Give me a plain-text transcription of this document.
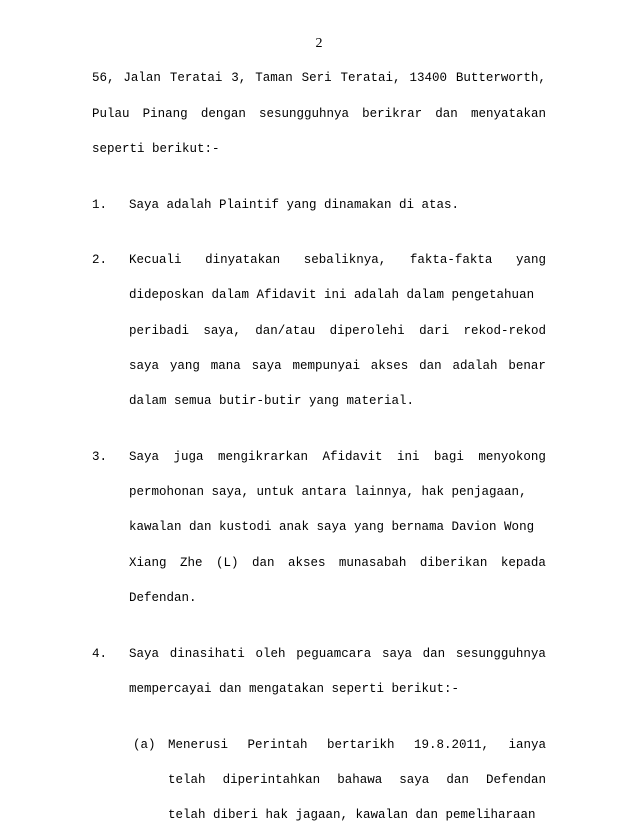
2
56, Jalan Teratai 3, Taman Seri Teratai, 13400 Butterworth,
Pulau Pinang dengan sesungguhnya berikrar dan menyatakan
seperti berikut:-
1. Saya adalah Plaintif yang dinamakan di atas.
2. Kecuali dinyatakan sebaliknya, fakta-fakta yang
dideposkan dalam Afidavit ini adalah dalam pengetahuan
peribadi saya, dan/atau diperolehi dari rekod-rekod
saya yang mana saya mempunyai akses dan adalah benar
dalam semua butir-butir yang material.
3. Saya juga mengikrarkan Afidavit ini bagi menyokong
permohonan saya, untuk antara lainnya, hak penjagaan,
kawalan dan kustodi anak saya yang bernama Davion Wong
Xiang Zhe (L) dan akses munasabah diberikan kepada
Defendan.
4. Saya dinasihati oleh peguamcara saya dan sesungguhnya
mempercayai dan mengatakan seperti berikut:-
(a) Menerusi Perintah bertarikh 19.8.2011, ianya
telah diperintahkan bahawa saya dan Defendan
telah diberi hak jagaan, kawalan dan pemeliharaan
